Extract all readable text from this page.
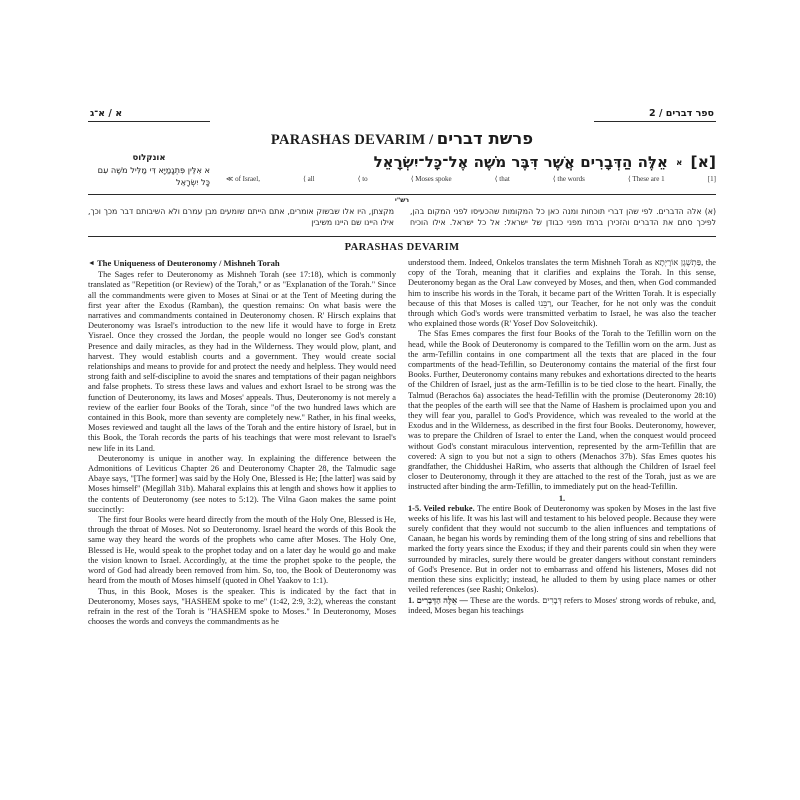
א / א־ג	ספר דברים / 2
PARASHAS DEVARIM / פרשת דברים
אונקלוס
א אִלֵּין פִּתְגָמַיָּא דִּי מַלִּיל מֹשֶׁה עִם כָּל יִשְׂרָאֵל
[א] א אֵלֶּה הַדְּבָרִים אֲשֶׁר דִּבֶּר מֹשֶׁה אֶל־כָּל־יִשְׂרָאֵל
≪ of Israel,	⟨ all	⟨ to	⟨ Moses spoke	⟨ that	⟨ the words	⟨ These are 1	[1]
רש"י
(א) אלה הדברים. לפי שהן דברי תוכחות ומנה כאן כל המקומות שהכעיסו לפני המקום בהן, לפיכך סתם את הדברים והזכירן ברמז מפני כבודן של ישראל: אל כל ישראל. אילו הוכיח מקצתן, היו אלו שבשוק אומרים, אתם הייתם שומעים מבן עמרם ולא השיבותם דבר מכך וכך, אילו היינו שם היינו משיבין
PARASHAS DEVARIM
◄ The Uniqueness of Deuteronomy / Mishneh Torah
The Sages refer to Deuteronomy as Mishneh Torah (see 17:18), which is commonly translated as "Repetition (or Review) of the Torah," or as "Explanation of the Torah." Since all the commandments were given to Moses at Sinai or at the Tent of Meeting during the first year after the Exodus (Ramban), the question remains: On what basis were the narratives and commandments contained in Deuteronomy chosen. R' Hirsch explains that Deuteronomy was Israel's introduction to the new life it would have to forge in Eretz Yisrael. Once they crossed the Jordan, the people would no longer see God's constant Presence and daily miracles, as they had in the Wilderness. They would plow, plant, and harvest. They would establish courts and a government. They would create social relationships and means to provide for and protect the needy and helpless. They would need strong faith and self-discipline to avoid the snares and temptations of their pagan neighbors and false prophets. To stress these laws and values and exhort Israel to be strong was the function of Deuteronomy, its laws and Moses' appeals. Thus, Deuteronomy is not merely a review of the earlier four Books of the Torah, since "of the two hundred laws which are contained in this Book, more than seventy are completely new." Rather, in his final weeks, Moses reviewed and taught all the laws of the Torah and the entire history of Israel, but in this Book, the Torah records the parts of his teachings that were most relevant to Israel's new life in its Land.
Deuteronomy is unique in another way. In explaining the difference between the Admonitions of Leviticus Chapter 26 and Deuteronomy Chapter 28, the Talmudic sage Abaye says, "[The former] was said by the Holy One, Blessed is He; [the latter] was said by Moses himself" (Megillah 31b). Maharal explains this at length and shows how it applies to the contents of Deuteronomy (see notes to 5:12). The Vilna Gaon makes the same point succinctly:
The first four Books were heard directly from the mouth of the Holy One, Blessed is He, through the throat of Moses. Not so Deuteronomy. Israel heard the words of this Book the same way they heard the words of the prophets who came after Moses. The Holy One, Blessed is He, would speak to the prophet today and on a later day he would go and make the vision known to Israel. Accordingly, at the time the prophet spoke to the people, the word of God had already been removed from him. So, too, the Book of Deuteronomy was heard from the mouth of Moses himself (quoted in Ohel Yaakov to 1:1).
Thus, in this Book, Moses is the speaker. This is indicated by the fact that in Deuteronomy, Moses says, "HASHEM spoke to me" (1:42, 2:9, 3:2), whereas the constant refrain in the rest of the Torah is "HASHEM spoke to Moses." In Deuteronomy, Moses chooses the words and conveys the commandments as he
understood them. Indeed, Onkelos translates the term Mishneh Torah as פַּתְשֶׁגֶן אוֹרָיְתָא, the copy of the Torah, meaning that it clarifies and explains the Torah. In this sense, Deuteronomy began as the Oral Law conveyed by Moses, and then, when God commanded him to inscribe his words in the Torah, it became part of the Written Torah. It is especially because of this that Moses is called רַבֵּנוּ, our Teacher, for he not only was the conduit through which God's words were transmitted verbatim to Israel, he was also the teacher who explained those words (R' Yosef Dov Soloveitchik).
The Sfas Emes compares the first four Books of the Torah to the Tefillin worn on the head, while the Book of Deuteronomy is compared to the Tefillin worn on the arm. Just as the arm-Tefillin contains in one compartment all the texts that are placed in the four compartments of the head-Tefillin, so Deuteronomy contains the material of the first four Books. Further, Deuteronomy contains many rebukes and exhortations directed to the hearts of the Children of Israel, just as the arm-Tefillin is to be tied close to the heart. Finally, the Talmud (Berachos 6a) associates the head-Tefillin with the promise (Deuteronomy 28:10) that the peoples of the earth will see that the Name of Hashem is proclaimed upon you and they will fear you, parallel to God's Providence, which was revealed to the world at the Exodus and in the Wilderness, as described in the first four Books. Deuteronomy, however, was to prepare the Children of Israel to enter the Land, when the conquest would proceed without God's constant miraculous intervention, represented by the arm-Tefillin that are covered: A sign to you but not a sign to others (Menachos 37b). Sfas Emes quotes his grandfather, the Chiddushei HaRim, who asserts that although the Children of Israel feel closer to Deuteronomy, through it they are attached to the rest of the Torah, just as we are instructed after binding the arm-Tefillin, to immediately put on the head-Tefillin.
1.
1-5. Veiled rebuke. The entire Book of Deuteronomy was spoken by Moses in the last five weeks of his life. It was his last will and testament to his beloved people. Because they were surely confident that they would not succumb to the alien influences and temptations of Canaan, he began his words by reminding them of the long string of sins and rebellions that marked the forty years since the Exodus; if they and their parents could sin when they were surrounded by miracles, surely there would be greater dangers without constant reminders of God's Presence. But in order not to embarrass and offend his listeners, Moses did not mention these sins explicitly; instead, he alluded to them by using place names or other veiled references (see Rashi; Onkelos).
1. אֵלֶּה הַדְּבָרִים — These are the words. דְּבָרִים refers to Moses' strong words of rebuke, and, indeed, Moses began his teachings
